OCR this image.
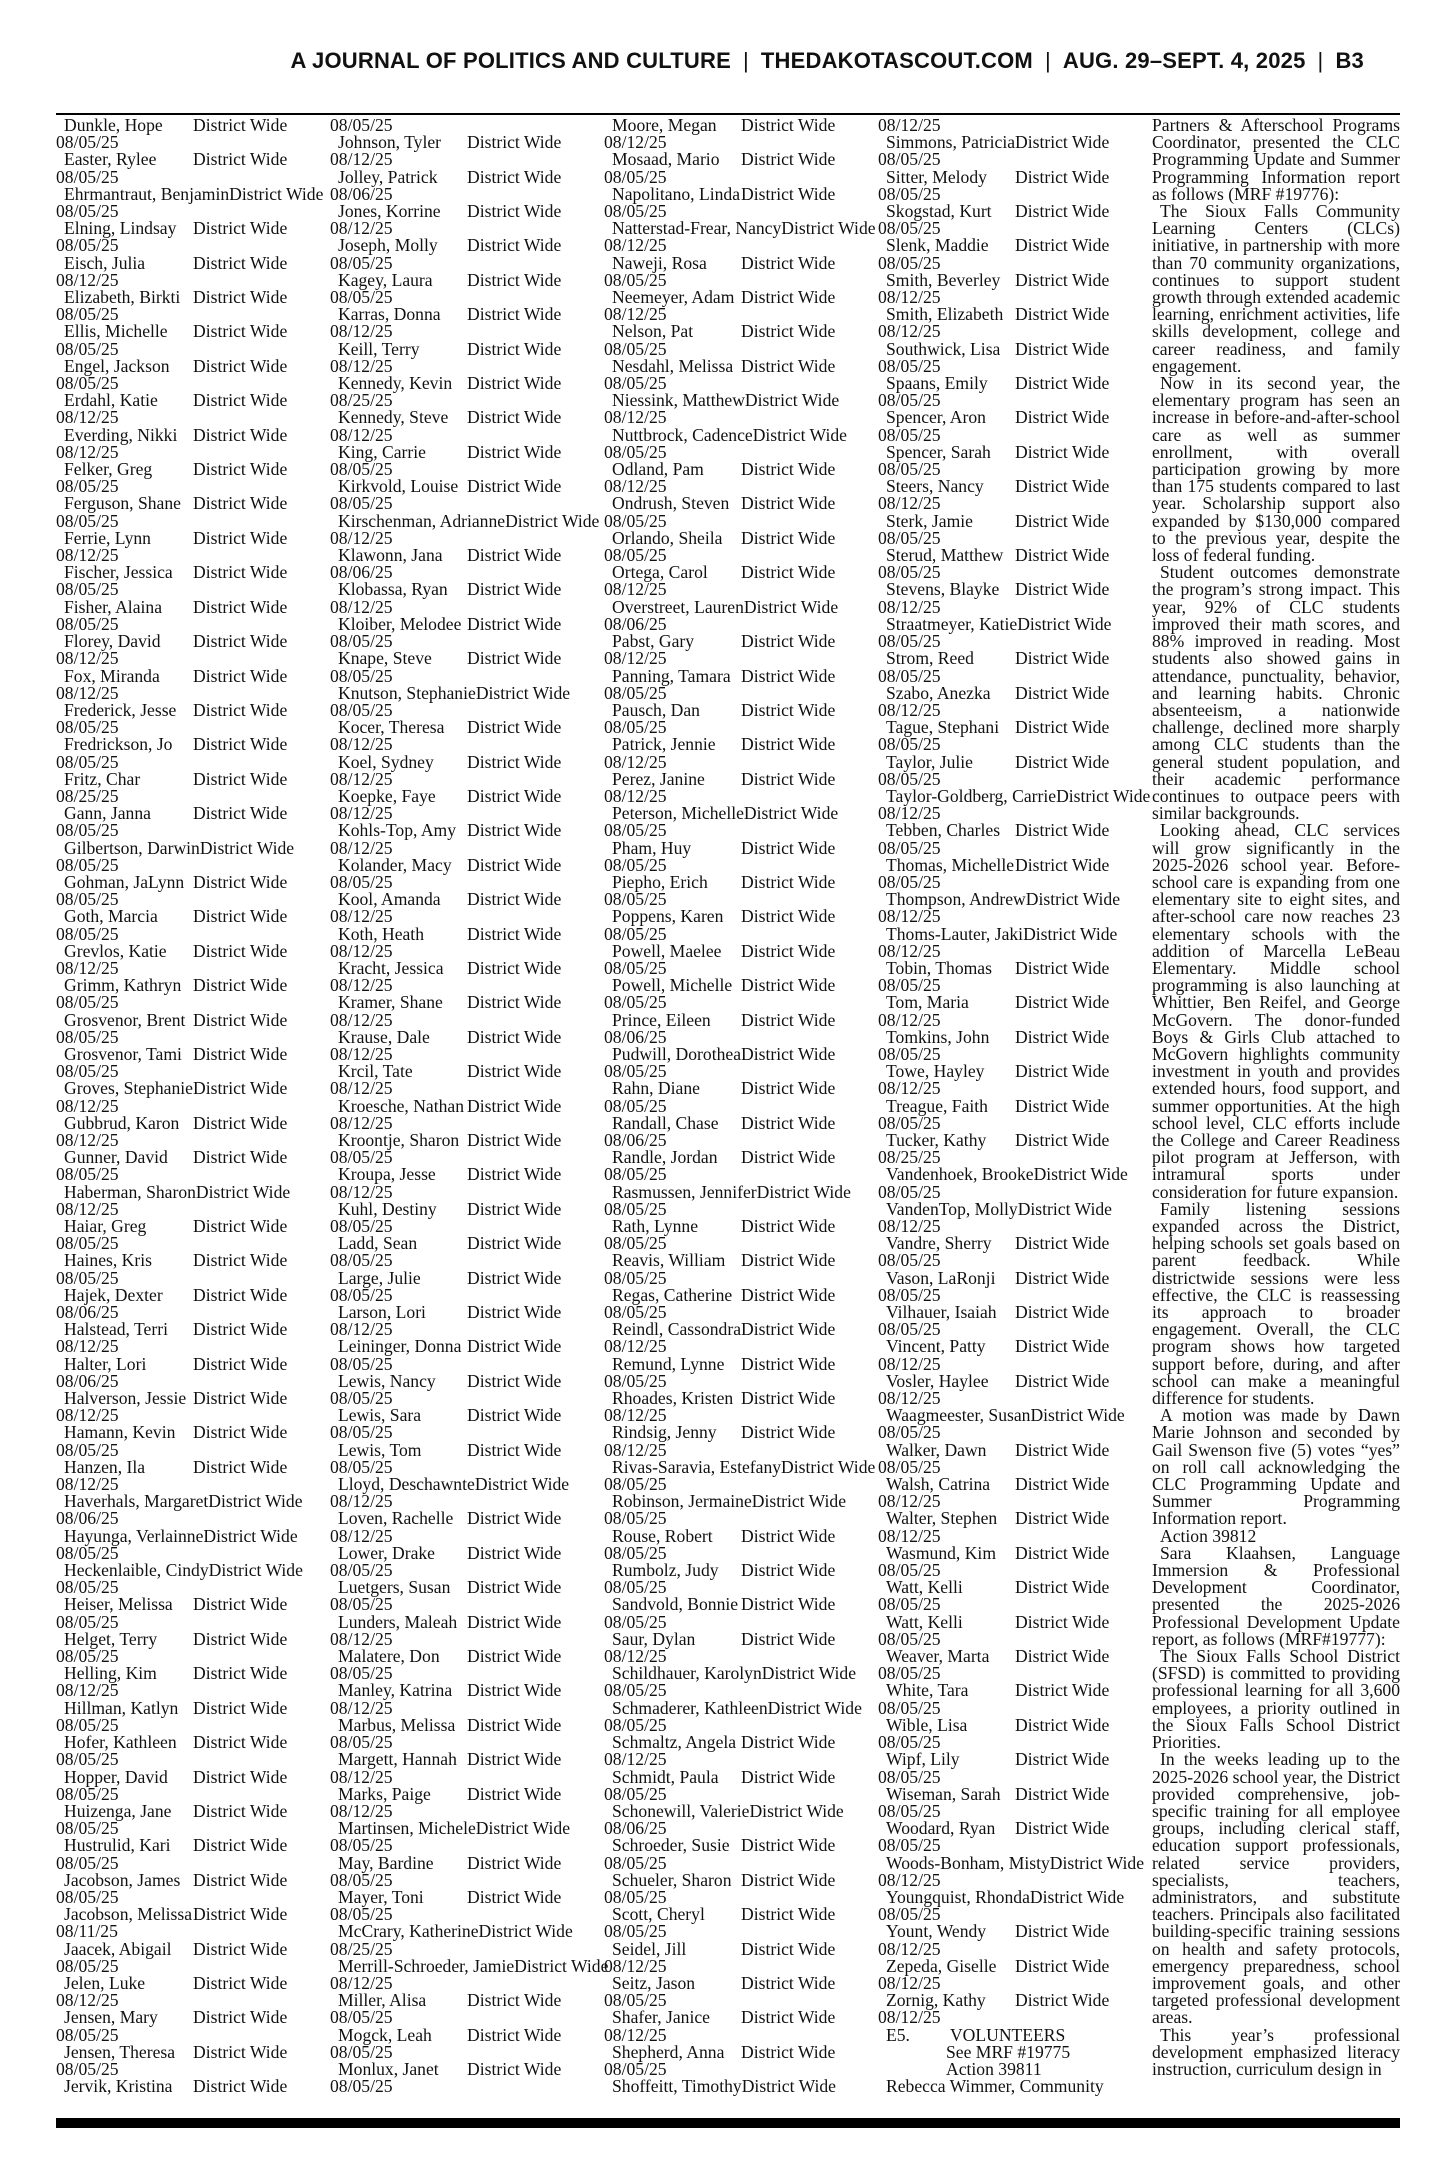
A JOURNAL OF POLITICS AND CULTURE | THEDAKOTASCOUT.COM | AUG. 29–SEPT. 4, 2025 | B3
Dunkle, Hope District Wide
08/05/25
Easter, Rylee District Wide
08/05/25
Ehrmantraut, Benjamin District Wide
08/05/25
Elning, Lindsay District Wide
08/05/25
Eisch, Julia	District Wide
08/12/25
Elizabeth, Birkti District Wide
08/05/25
Ellis, Michelle District Wide
08/05/25
Engel, Jackson District Wide
08/05/25
Erdahl, Katie District Wide
08/12/25
Everding, Nikki District Wide
08/12/25
Felker, Greg District Wide
08/05/25
Ferguson, Shane District Wide
08/05/25
Ferrie, Lynn District Wide
08/12/25
Fischer, Jessica District Wide
08/05/25
Fisher, Alaina District Wide
08/05/25
Florey, David District Wide
08/12/25
Fox, Miranda District Wide
08/12/25
Frederick, Jesse District Wide
08/05/25
Fredrickson, Jo District Wide
08/05/25
Fritz, Char	District Wide
08/25/25
Gann, Janna District Wide
08/05/25
Gilbertson, Darwin District Wide
08/05/25
Gohman, JaLynn District Wide
08/05/25
Goth, Marcia District Wide
08/05/25
Grevlos, Katie District Wide
08/12/25
Grimm, Kathryn District Wide
08/05/25
Grosvenor, Brent District Wide
08/05/25
Grosvenor, Tami District Wide
08/05/25
Groves, Stephanie District Wide
08/12/25
Gubbrud, Karon District Wide
08/12/25
Gunner, David District Wide
08/05/25
Haberman, Sharon District Wide
08/12/25
Haiar, Greg	District Wide
08/05/25
Haines, Kris District Wide
08/05/25
Hajek, Dexter District Wide
08/06/25
Halstead, Terri District Wide
08/12/25
Halter, Lori	District Wide
08/06/25
Halverson, Jessie District Wide
08/12/25
Hamann, Kevin District Wide
08/05/25
Hanzen, Ila	District Wide
08/12/25
Haverhals, Margaret District Wide
08/06/25
Hayunga, Verlainne District Wide
08/05/25
Heckenlaible, Cindy District Wide
08/05/25
Heiser, Melissa District Wide
08/05/25
Helget, Terry District Wide
08/05/25
Helling, Kim District Wide
08/12/25
Hillman, Katlyn District Wide
08/05/25
Hofer, Kathleen District Wide
08/05/25
Hopper, David District Wide
08/05/25
Huizenga, Jane District Wide
08/05/25
Hustrulid, Kari District Wide
08/05/25
Jacobson, James District Wide
08/05/25
Jacobson, Melissa District Wide
08/11/25
Jaacek, Abigail District Wide
08/05/25
Jelen, Luke	District Wide
08/12/25
Jensen, Mary District Wide
08/05/25
Jensen, Theresa District Wide
08/05/25
Jervik, Kristina District Wide
08/05/25
Johnson, Tyler District Wide
08/12/25
Jolley, Patrick District Wide
08/06/25
Jones, Korrine District Wide
08/12/25
Joseph, Molly District Wide
08/05/25
Kagey, Laura District Wide
08/05/25
Karras, Donna District Wide
08/12/25
Keill, Terry	District Wide
08/12/25
Kennedy, Kevin District Wide
08/25/25
Kennedy, Steve District Wide
08/12/25
King, Carrie District Wide
08/05/25
Kirkvold, Louise District Wide
08/05/25
Kirschenman, Adrianne District Wide
08/12/25
Klawonn, Jana District Wide
08/06/25
Klobassa, Ryan District Wide
08/12/25
Kloiber, Melodee District Wide
08/05/25
Knape, Steve District Wide
08/05/25
Knutson, Stephanie District Wide
08/05/25
Kocer, Theresa District Wide
08/12/25
Koel, Sydney District Wide
08/12/25
Koepke, Faye District Wide
08/12/25
Kohls-Top, Amy District Wide
08/12/25
Kolander, Macy District Wide
08/05/25
Kool, Amanda District Wide
08/12/25
Koth, Heath District Wide
08/12/25
Kracht, Jessica District Wide
08/12/25
Kramer, Shane District Wide
08/12/25
Krause, Dale District Wide
08/12/25
Krcil, Tate	District Wide
08/12/25
Kroesche, Nathan District Wide
08/12/25
Kroontje, Sharon District Wide
08/05/25
Kroupa, Jesse District Wide
08/12/25
Kuhl, Destiny District Wide
08/05/25
Ladd, Sean	District Wide
08/05/25
Large, Julie	District Wide
08/05/25
Larson, Lori District Wide
08/12/25
Leininger, Donna District Wide
08/05/25
Lewis, Nancy District Wide
08/05/25
Lewis, Sara	District Wide
08/05/25
Lewis, Tom	District Wide
08/05/25
Lloyd, Deschawnte District Wide
08/12/25
Loven, Rachelle District Wide
08/12/25
Lower, Drake District Wide
08/05/25
Luetgers, Susan District Wide
08/05/25
Lunders, Maleah District Wide
08/12/25
Malatere, Don District Wide
08/05/25
Manley, Katrina District Wide
08/12/25
Marbus, Melissa District Wide
08/05/25
Margett, Hannah District Wide
08/12/25
Marks, Paige District Wide
08/12/25
Martinsen, Michele District Wide
08/05/25
May, Bardine District Wide
08/05/25
Mayer, Toni District Wide
08/05/25
McCrary, Katherine District Wide
08/25/25
Merrill-Schroeder, Jamie District Wide
08/12/25
Miller, Alisa District Wide
08/05/25
Mogck, Leah District Wide
08/05/25
Monlux, Janet District Wide
08/05/25
Moore, Megan District Wide
08/12/25
Mosaad, Mario District Wide
08/05/25
Napolitano, Linda District Wide
08/05/25
Natterstad-Frear, Nancy District Wide
08/12/25
Naweji, Rosa District Wide
08/05/25
Neemeyer, Adam District Wide
08/12/25
Nelson, Pat	District Wide
08/05/25
Nesdahl, Melissa District Wide
08/05/25
Niessink, Matthew District Wide
08/12/25
Nuttbrock, Cadence District Wide
08/05/25
Odland, Pam District Wide
08/12/25
Ondrush, Steven District Wide
08/05/25
Orlando, Sheila District Wide
08/05/25
Ortega, Carol District Wide
08/12/25
Overstreet, Lauren District Wide
08/06/25
Pabst, Gary	District Wide
08/12/25
Panning, Tamara District Wide
08/05/25
Pausch, Dan District Wide
08/05/25
Patrick, Jennie District Wide
08/12/25
Perez, Janine District Wide
08/12/25
Peterson, Michelle District Wide
08/05/25
Pham, Huy	District Wide
08/05/25
Piepho, Erich District Wide
08/05/25
Poppens, Karen District Wide
08/05/25
Powell, Maelee District Wide
08/05/25
Powell, Michelle District Wide
08/05/25
Prince, Eileen District Wide
08/06/25
Pudwill, Dorothea District Wide
08/05/25
Rahn, Diane District Wide
08/05/25
Randall, Chase District Wide
08/06/25
Randle, Jordan District Wide
08/05/25
Rasmussen, Jennifer District Wide
08/05/25
Rath, Lynne District Wide
08/05/25
Reavis, William District Wide
08/05/25
Regas, Catherine District Wide
08/05/25
Reindl, Cassondra District Wide
08/12/25
Remund, Lynne District Wide
08/05/25
Rhoades, Kristen District Wide
08/12/25
Rindsig, Jenny District Wide
08/12/25
Rivas-Saravia, Estefany District Wide
08/05/25
Robinson, Jermaine District Wide
08/05/25
Rouse, Robert District Wide
08/05/25
Rumbolz, Judy District Wide
08/05/25
Sandvold, Bonnie District Wide
08/05/25
Saur, Dylan	District Wide
08/12/25
Schildhauer, Karolyn District Wide
08/05/25
Schmaderer, Kathleen District Wide
08/05/25
Schmaltz, Angela District Wide
08/12/25
Schmidt, Paula District Wide
08/05/25
Schonewill, Valerie District Wide
08/06/25
Schroeder, Susie District Wide
08/05/25
Schueler, Sharon District Wide
08/05/25
Scott, Cheryl District Wide
08/05/25
Seidel, Jill	District Wide
08/12/25
Seitz, Jason	District Wide
08/05/25
Shafer, Janice District Wide
08/12/25
Shepherd, Anna District Wide
08/05/25
Shoffeitt, Timothy District Wide
08/12/25
Simmons, Patricia District Wide
08/05/25
Sitter, Melody District Wide
08/05/25
Skogstad, Kurt District Wide
08/05/25
Slenk, Maddie District Wide
08/05/25
Smith, Beverley District Wide
08/12/25
Smith, Elizabeth District Wide
08/12/25
Southwick, Lisa District Wide
08/05/25
Spaans, Emily District Wide
08/05/25
Spencer, Aron District Wide
08/05/25
Spencer, Sarah District Wide
08/05/25
Steers, Nancy District Wide
08/12/25
Sterk, Jamie District Wide
08/05/25
Sterud, Matthew District Wide
08/05/25
Stevens, Blayke District Wide
08/12/25
Straatmeyer, Katie District Wide
08/05/25
Strom, Reed District Wide
08/05/25
Szabo, Anezka District Wide
08/12/25
Tague, Stephani District Wide
08/05/25
Taylor, Julie District Wide
08/05/25
Taylor-Goldberg, Carrie District Wide
08/12/25
Tebben, Charles District Wide
08/05/25
Thomas, Michelle District Wide
08/05/25
Thompson, Andrew District Wide
08/12/25
Thoms-Lauter, Jaki District Wide
08/12/25
Tobin, Thomas District Wide
08/05/25
Tom, Maria	District Wide
08/12/25
Tomkins, John District Wide
08/05/25
Towe, Hayley District Wide
08/12/25
Treague, Faith District Wide
08/05/25
Tucker, Kathy District Wide
08/25/25
Vandenhoek, Brooke District Wide
08/05/25
VandenTop, Molly District Wide
08/12/25
Vandre, Sherry District Wide
08/05/25
Vason, LaRonji District Wide
08/05/25
Vilhauer, Isaiah District Wide
08/05/25
Vincent, Patty District Wide
08/12/25
Vosler, Haylee District Wide
08/12/25
Waagmeester, Susan District Wide
08/05/25
Walker, Dawn District Wide
08/05/25
Walsh, Catrina District Wide
08/12/25
Walter, Stephen District Wide
08/12/25
Wasmund, Kim District Wide
08/05/25
Watt, Kelli	District Wide
08/05/25
Watt, Kelli	District Wide
08/05/25
Weaver, Marta District Wide
08/05/25
White, Tara	District Wide
08/05/25
Wible, Lisa	District Wide
08/05/25
Wipf, Lily	District Wide
08/05/25
Wiseman, Sarah District Wide
08/05/25
Woodard, Ryan District Wide
08/05/25
Woods-Bonham, Misty District Wide
08/12/25
Youngquist, Rhonda District Wide
08/05/25
Yount, Wendy District Wide
08/12/25
Zepeda, Giselle District Wide
08/12/25
Zornig, Kathy District Wide
08/12/25
E5. VOLUNTEERS
See MRF #19775
Action 39811
Rebecca Wimmer, Community

Partners & Afterschool Programs Coordinator, presented the CLC Programming Update and Summer Programming Information report as follows (MRF #19776):

The Sioux Falls Community Learning Centers (CLCs) initiative, in partnership with more than 70 community organizations, continues to support student growth through extended academic learning, enrichment activities, life skills development, college and career readiness, and family engagement.

Now in its second year, the elementary program has seen an increase in before-and-after-school care as well as summer enrollment, with overall participation growing by more than 175 students compared to last year. Scholarship support also expanded by $130,000 compared to the previous year, despite the loss of federal funding.

Student outcomes demonstrate the program’s strong impact. This year, 92% of CLC students improved their math scores, and 88% improved in reading. Most students also showed gains in attendance, punctuality, behavior, and learning habits. Chronic absenteeism, a nationwide challenge, declined more sharply among CLC students than the general student population, and their academic performance continues to outpace peers with similar backgrounds.

Looking ahead, CLC services will grow significantly in the 2025-2026 school year. Before-school care is expanding from one elementary site to eight sites, and after-school care now reaches 23 elementary schools with the addition of Marcella LeBeau Elementary. Middle school programming is also launching at Whittier, Ben Reifel, and George McGovern. The donor-funded Boys & Girls Club attached to McGovern highlights community investment in youth and provides extended hours, food support, and summer opportunities. At the high school level, CLC efforts include the College and Career Readiness pilot program at Jefferson, with intramural sports under consideration for future expansion.

Family listening sessions expanded across the District, helping schools set goals based on parent feedback. While districtwide sessions were less effective, the CLC is reassessing its approach to broader engagement. Overall, the CLC program shows how targeted support before, during, and after school can make a meaningful difference for students.

A motion was made by Dawn Marie Johnson and seconded by Gail Swenson five (5) votes “yes” on roll call acknowledging the CLC Programming Update and Summer Programming Information report.

Action 39812

Sara Klaahsen, Language Immersion & Professional Development Coordinator, presented the 2025-2026 Professional Development Update report, as follows (MRF#19777):

The Sioux Falls School District (SFSD) is committed to providing professional learning for all 3,600 employees, a priority outlined in the Sioux Falls School District Priorities.

In the weeks leading up to the 2025-2026 school year, the District provided comprehensive, job-specific training for all employee groups, including clerical staff, education support professionals, related service providers, specialists, teachers, administrators, and substitute teachers. Principals also facilitated building-specific training sessions on health and safety protocols, emergency preparedness, school improvement goals, and other targeted professional development areas.

This year’s professional development emphasized literacy instruction, curriculum design in
